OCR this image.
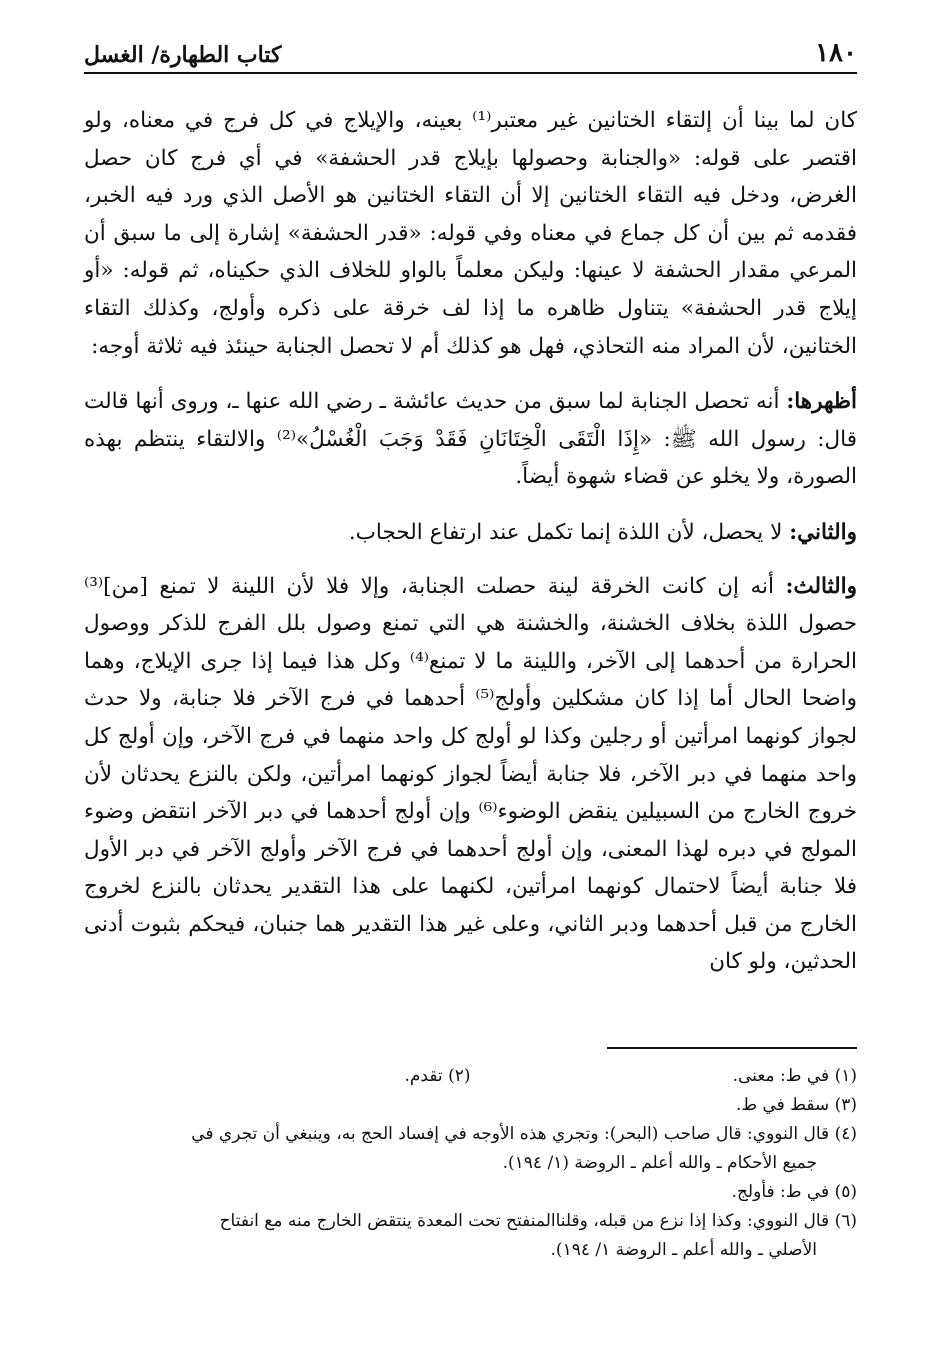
١٨٠
كتاب الطهارة/ الغسل

كان لما بينا أن إلتقاء الختانين غير معتبر⁽¹⁾ بعينه، والإيلاج في كل فرج في معناه، ولو اقتصر على قوله: «والجنابة وحصولها بإيلاج قدر الحشفة» في أي فرج كان حصل الغرض، ودخل فيه التقاء الختانين إلا أن التقاء الختانين هو الأصل الذي ورد فيه الخبر، فقدمه ثم بين أن كل جماع في معناه وفي قوله: «قدر الحشفة» إشارة إلى ما سبق أن المرعي مقدار الحشفة لا عينها: وليكن معلماً بالواو للخلاف الذي حكيناه، ثم قوله: «أو إيلاج قدر الحشفة» يتناول ظاهره ما إذا لف خرقة على ذكره وأولج، وكذلك التقاء الختانين، لأن المراد منه التحاذي، فهل هو كذلك أم لا تحصل الجنابة حينئذ فيه ثلاثة أوجه:

أظهرها: أنه تحصل الجنابة لما سبق من حديث عائشة ـ رضي الله عنها ـ، وروى أنها قالت قال: رسول الله ﷺ: «إِذَا الْتَقَى الْخِتَانَانِ فَقَدْ وَجَبَ الْغُسْلُ»⁽²⁾ والالتقاء ينتظم بهذه الصورة، ولا يخلو عن قضاء شهوة أيضاً.

والثاني: لا يحصل، لأن اللذة إنما تكمل عند ارتفاع الحجاب.

والثالث: أنه إن كانت الخرقة لينة حصلت الجنابة، وإلا فلا لأن اللينة لا تمنع [من]⁽³⁾ حصول اللذة بخلاف الخشنة، والخشنة هي التي تمنع وصول بلل الفرج للذكر ووصول الحرارة من أحدهما إلى الآخر، واللينة ما لا تمنع⁽⁴⁾ وكل هذا فيما إذا جرى الإيلاج، وهما واضحا الحال أما إذا كان مشكلين وأولج⁽⁵⁾ أحدهما في فرج الآخر فلا جنابة، ولا حدث لجواز كونهما امرأتين أو رجلين وكذا لو أولج كل واحد منهما في فرج الآخر، وإن أولج كل واحد منهما في دبر الآخر، فلا جنابة أيضاً لجواز كونهما امرأتين، ولكن بالنزع يحدثان لأن خروج الخارج من السبيلين ينقض الوضوء⁽⁶⁾ وإن أولج أحدهما في دبر الآخر انتقض وضوء المولج في دبره لهذا المعنى، وإن أولج أحدهما في فرج الآخر وأولج الآخر في دبر الأول فلا جنابة أيضاً لاحتمال كونهما امرأتين، لكنهما على هذا التقدير يحدثان بالنزع لخروج الخارج من قبل أحدهما ودبر الثاني، وعلى غير هذا التقدير هما جنبان، فيحكم بثبوت أدنى الحدثين، ولو كان

(١) في ط: معنى.
(٢) تقدم.
(٣) سقط في ط.
(٤) قال النووي: قال صاحب (البحر): وتجري هذه الأوجه في إفساد الحج به، وينبغي أن تجري في
جميع الأحكام ـ والله أعلم ـ الروضة (١/ ١٩٤).
(٥) في ط: فأولج.
(٦) قال النووي: وكذا إذا نزع من قبله، وقلناالمنفتح تحت المعدة ينتقض الخارج منه مع انفتاح
الأصلي ـ والله أعلم ـ الروضة ١/ ١٩٤).
